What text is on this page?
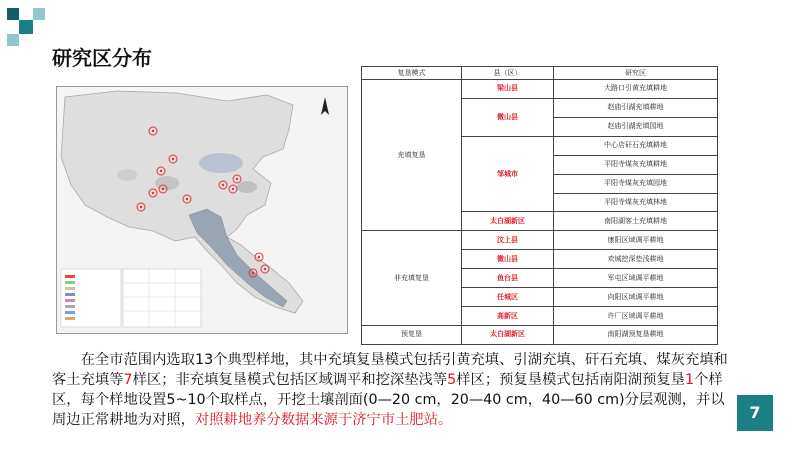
研究区分布
复垦模式	县（区）	研究区
充填复垦	梁山县	大路口引黄充填耕地
	微山县	赵庙引湖充填耕地
		赵庙引湖充填园地
	邹城市	中心店矸石充填耕地
		平阳寺煤灰充填耕地
		平阳寺煤灰充填园地
		平阳寺煤灰充填林地
	太白湖新区	南阳湖客土充填耕地
非充填复垦	汶上县	康阳区域调平耕地
	微山县	欢城挖深垫浅耕地
	鱼台县	军屯区域调平耕地
	任城区	向阳区域调平耕地
	高新区	许厂区域调平耕地
预复垦	太白湖新区	南阳湖预复垦耕地

在全市范围内选取13个典型样地，其中充填复垦模式包括引黄充填、引湖充填、矸石充填、煤灰充填和客土充填等7样区；非充填复垦模式包括区域调平和挖深垫浅等5样区；预复垦模式包括南阳湖预复垦1个样区，每个样地设置5~10个取样点，开挖土壤剖面(0—20 cm，20—40 cm，40—60 cm)分层观测，并以周边正常耕地为对照，对照耕地养分数据来源于济宁市土肥站。	7
